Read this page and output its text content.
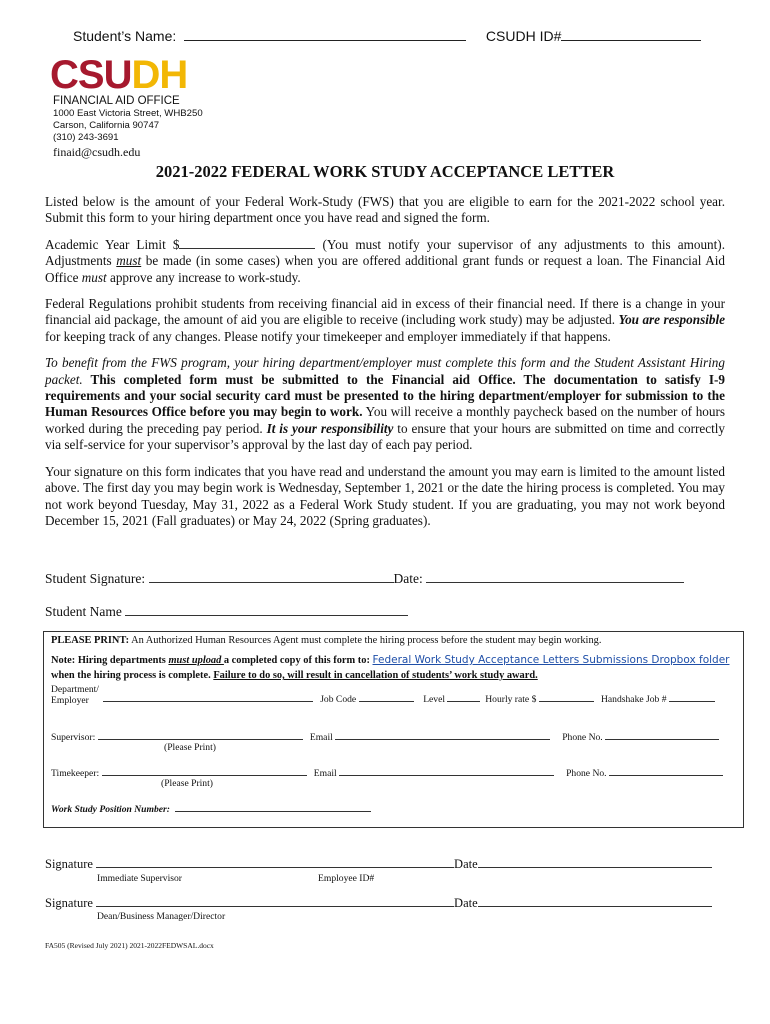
Student’s Name:	CSUDH ID#
CSUDH
FINANCIAL AID OFFICE
1000 East Victoria Street, WHB250
Carson, California 90747
(310) 243-3691
finaid@csudh.edu
2021-2022 FEDERAL WORK STUDY ACCEPTANCE LETTER

Listed below is the amount of your Federal Work-Study (FWS) that you are eligible to earn for the 2021-2022 school year. Submit this form to your hiring department once you have read and signed the form.

Academic Year Limit $	(You must notify your supervisor of any adjustments to this amount). Adjustments must be made (in some cases) when you are offered additional grant funds or request a loan. The Financial Aid Office must approve any increase to work-study.

Federal Regulations prohibit students from receiving financial aid in excess of their financial need. If there is a change in your financial aid package, the amount of aid you are eligible to receive (including work study) may be adjusted. You are responsible for keeping track of any changes. Please notify your timekeeper and employer immediately if that happens.

To benefit from the FWS program, your hiring department/employer must complete this form and the Student Assistant Hiring packet. This completed form must be submitted to the Financial aid Office. The documentation to satisfy I-9 requirements and your social security card must be presented to the hiring department/employer for submission to the Human Resources Office before you may begin to work. You will receive a monthly paycheck based on the number of hours worked during the preceding pay period. It is your responsibility to ensure that your hours are submitted on time and correctly via self-service for your supervisor’s approval by the last day of each pay period.

Your signature on this form indicates that you have read and understand the amount you may earn is limited to the amount listed above. The first day you may begin work is Wednesday, September 1, 2021 or the date the hiring process is completed. You may not work beyond Tuesday, May 31, 2022 as a Federal Work Study student. If you are graduating, you may not work beyond December 15, 2021 (Fall graduates) or May 24, 2022 (Spring graduates).

Student Signature:	Date:
Student Name
PLEASE PRINT: An Authorized Human Resources Agent must complete the hiring process before the student may begin working.
Note: Hiring departments must upload a completed copy of this form to: Federal Work Study Acceptance Letters Submissions Dropbox folder when the hiring process is complete. Failure to do so, will result in cancellation of students’ work study award.
Department/
Employer	Job Code	Level	Hourly rate $	Handshake Job #
Supervisor:	Email	Phone No.
(Please Print)
Timekeeper:	Email	Phone No.
(Please Print)
Work Study Position Number:
Signature	Date
Immediate Supervisor	Employee ID#
Signature	Date
Dean/Business Manager/Director
FA505 (Revised July 2021) 2021-2022FEDWSAL.docx
